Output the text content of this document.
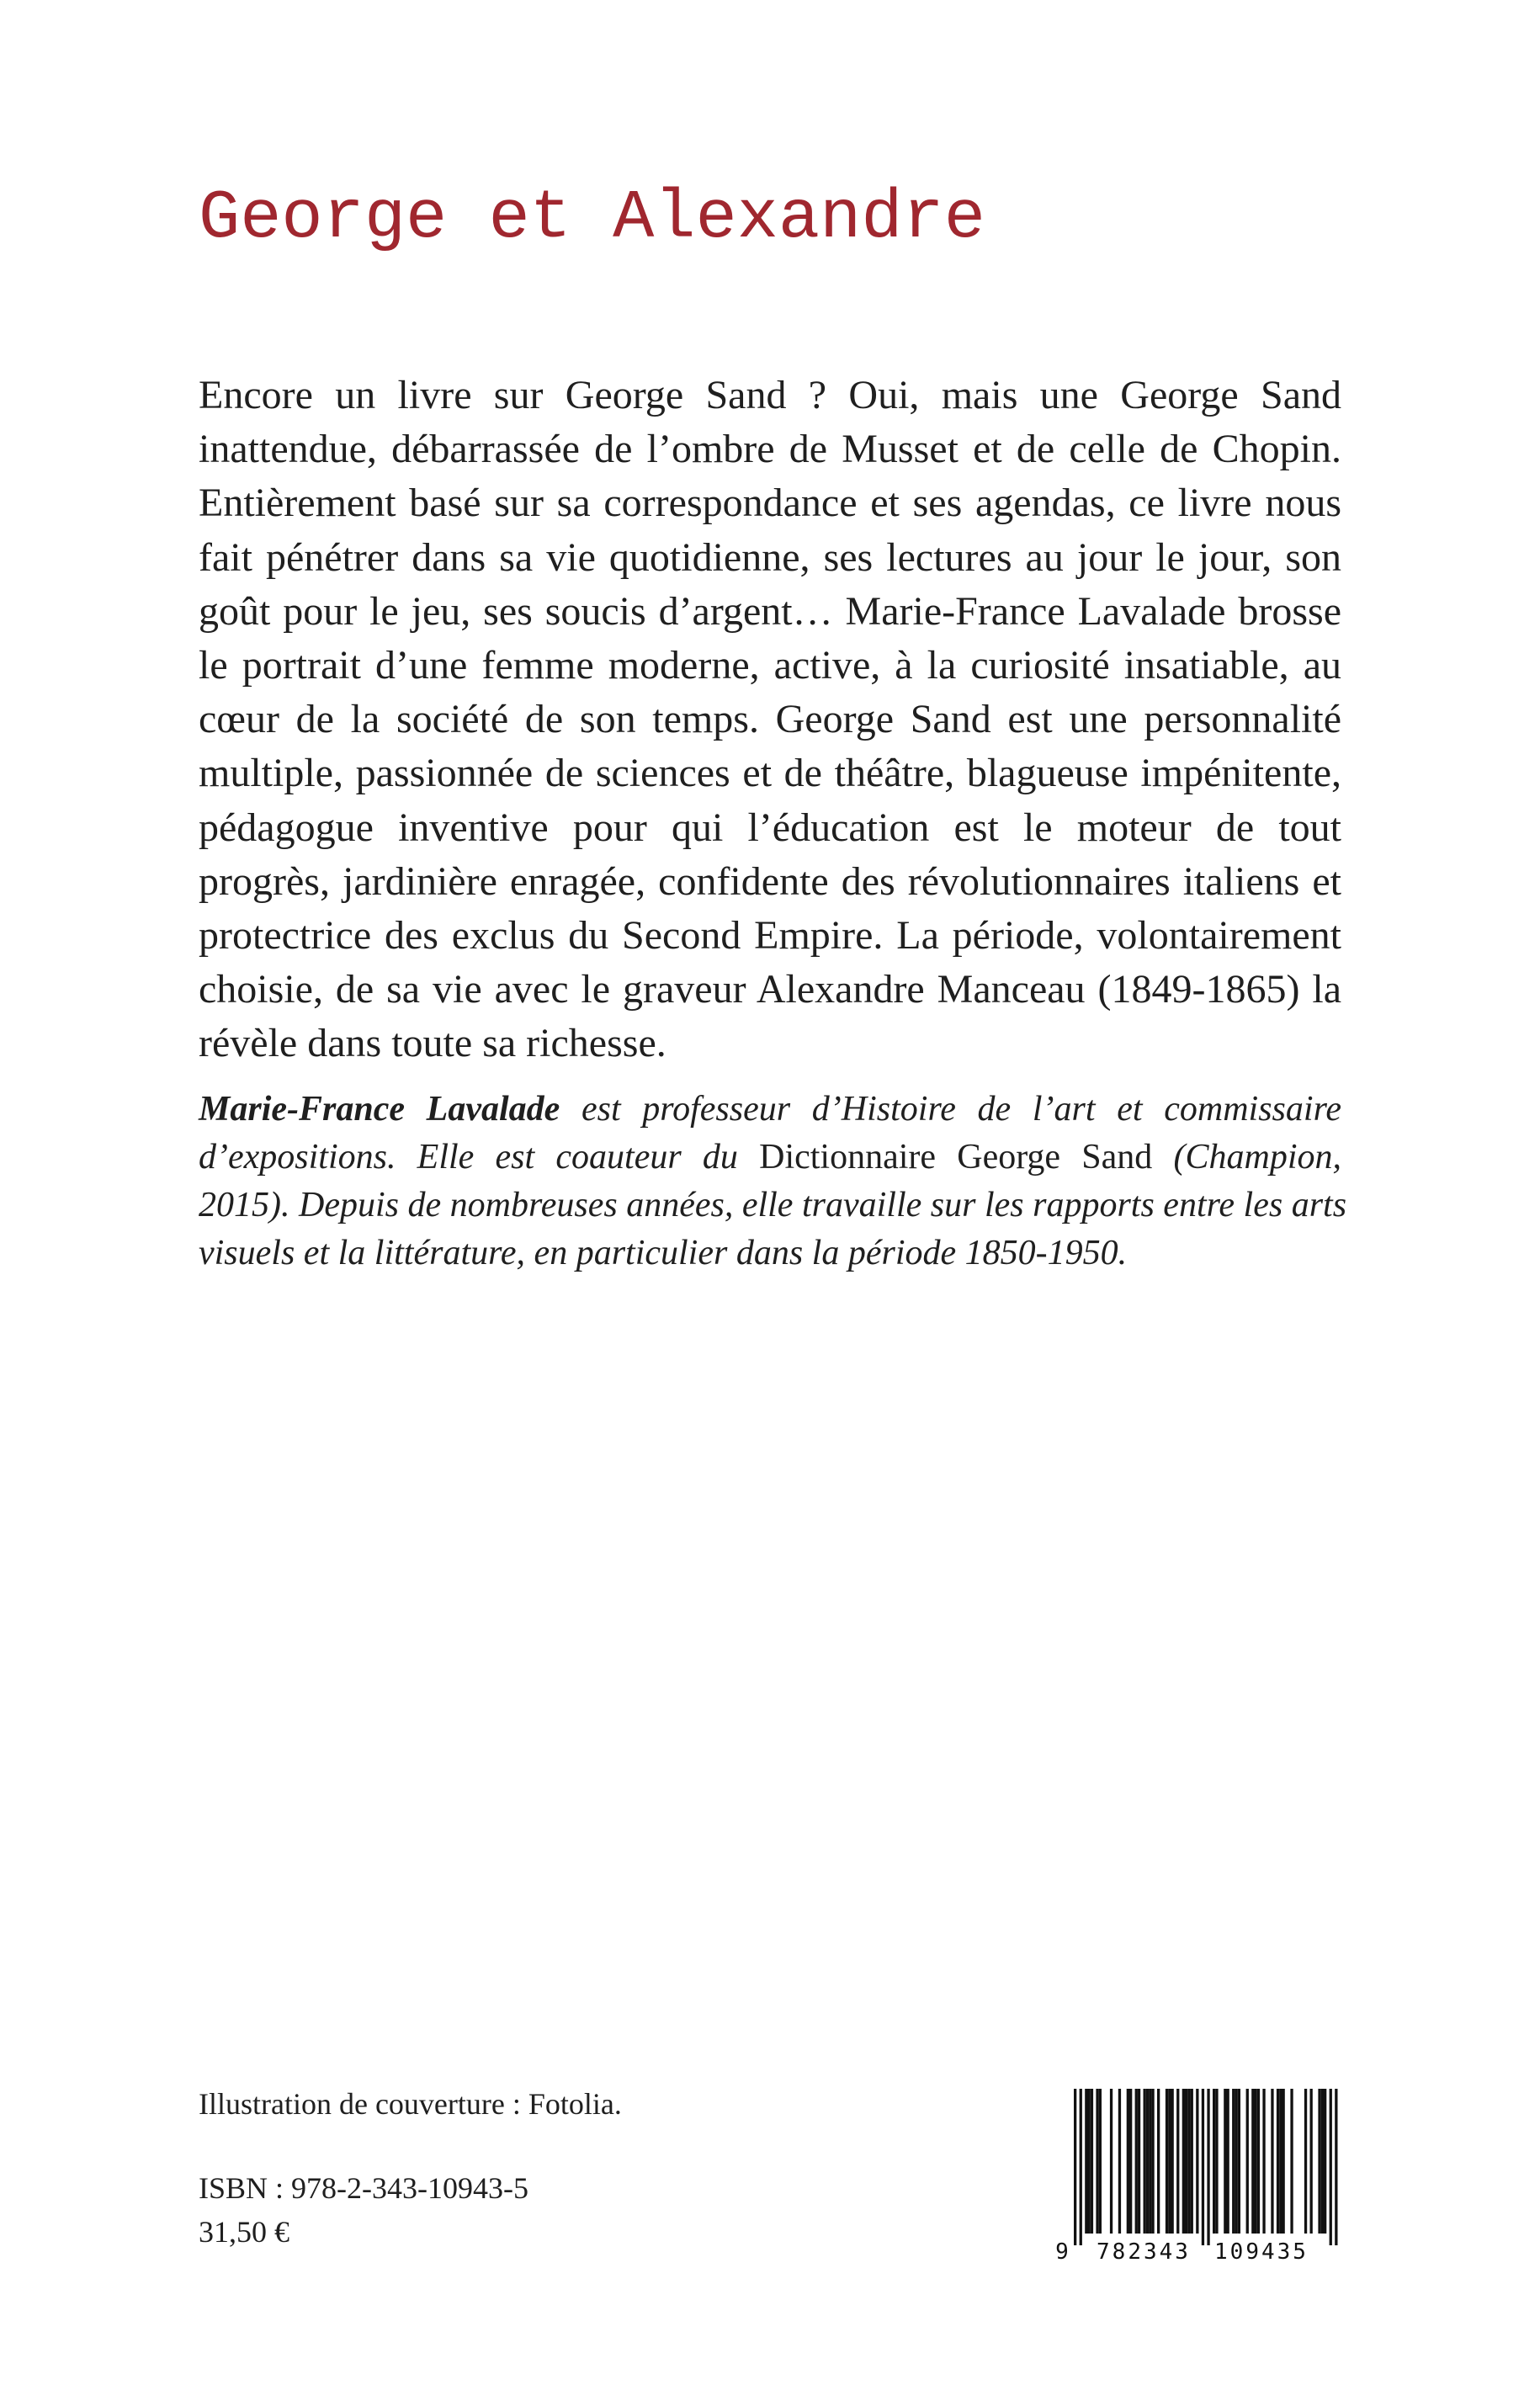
George et Alexandre
Encore un livre sur George Sand ? Oui, mais une George Sand
inattendue, débarrassée de l’ombre de Musset et de celle de Chopin.
Entièrement basé sur sa correspondance et ses agendas, ce livre nous
fait pénétrer dans sa vie quotidienne, ses lectures au jour le jour, son
goût pour le jeu, ses soucis d’argent… Marie-France Lavalade brosse
le portrait d’une femme moderne, active, à la curiosité insatiable, au
cœur de la société de son temps. George Sand est une personnalité
multiple, passionnée de sciences et de théâtre, blagueuse impénitente,
pédagogue inventive pour qui l’éducation est le moteur de tout
progrès, jardinière enragée, confidente des révolutionnaires italiens et
protectrice des exclus du Second Empire. La période, volontairement
choisie, de sa vie avec le graveur Alexandre Manceau (1849-1865) la
révèle dans toute sa richesse.
Marie-France Lavalade est professeur d’Histoire de l’art et commissaire
d’expositions. Elle est coauteur du Dictionnaire George Sand (Champion,
2015). Depuis de nombreuses années, elle travaille sur les rapports entre les arts
visuels et la littérature, en particulier dans la période 1850-1950.
Illustration de couverture : Fotolia.
ISBN : 978-2-343-10943-5
31,50 €
9 782343 109435
